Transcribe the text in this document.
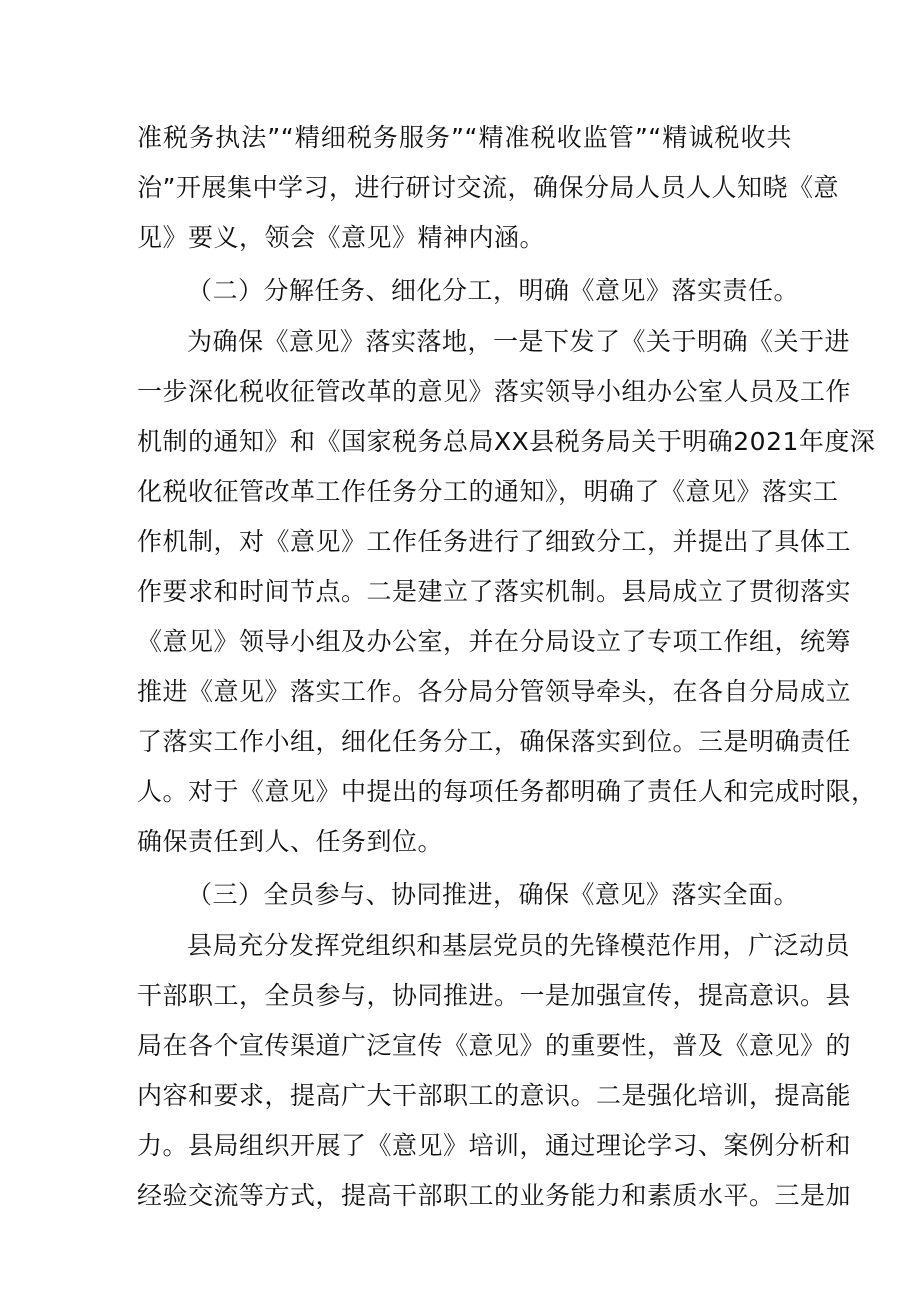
准税务执法”“精细税务服务”“精准税收监管”“精诚税收共
治”开展集中学习，进行研讨交流，确保分局人员人人知晓《意
见》要义，领会《意见》精神内涵。
（二）分解任务、细化分工，明确《意见》落实责任。
为确保《意见》落实落地，一是下发了《关于明确《关于进
一步深化税收征管改革的意见》落实领导小组办公室人员及工作
机制的通知》和《国家税务总局XX县税务局关于明确2021年度深
化税收征管改革工作任务分工的通知》，明确了《意见》落实工
作机制，对《意见》工作任务进行了细致分工，并提出了具体工
作要求和时间节点。二是建立了落实机制。县局成立了贯彻落实
《意见》领导小组及办公室，并在分局设立了专项工作组，统筹
推进《意见》落实工作。各分局分管领导牵头，在各自分局成立
了落实工作小组，细化任务分工，确保落实到位。三是明确责任
人。对于《意见》中提出的每项任务都明确了责任人和完成时限，
确保责任到人、任务到位。
（三）全员参与、协同推进，确保《意见》落实全面。
县局充分发挥党组织和基层党员的先锋模范作用，广泛动员
干部职工，全员参与，协同推进。一是加强宣传，提高意识。县
局在各个宣传渠道广泛宣传《意见》的重要性，普及《意见》的
内容和要求，提高广大干部职工的意识。二是强化培训，提高能
力。县局组织开展了《意见》培训，通过理论学习、案例分析和
经验交流等方式，提高干部职工的业务能力和素质水平。三是加
